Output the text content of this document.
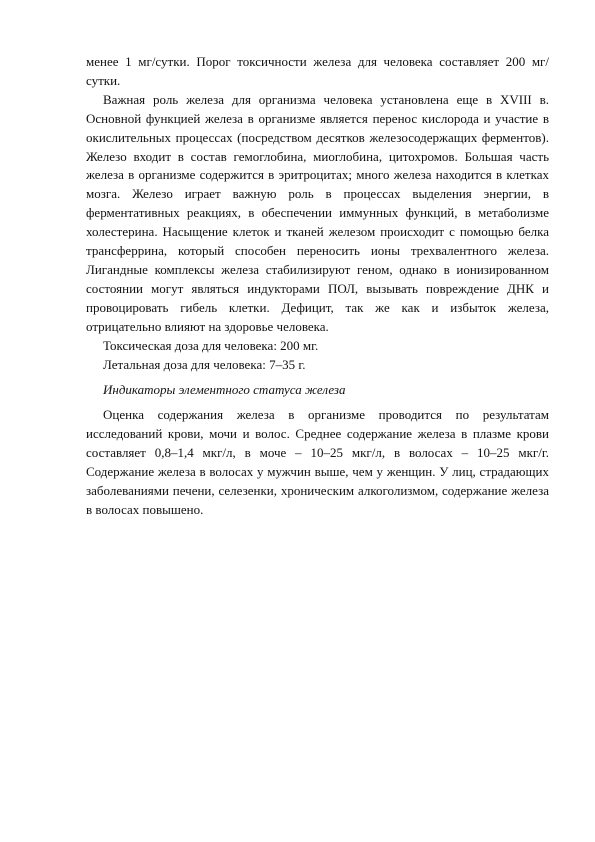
менее 1 мг/сутки. Порог токсичности железа для человека составляет 200 мг/сутки.

Важная роль железа для организма человека установлена еще в XVIII в. Основной функцией железа в организме является перенос кислорода и участие в окислительных процессах (посредством десятков железосодержащих ферментов). Железо входит в состав гемоглобина, миоглобина, цитохромов. Большая часть железа в организме содержится в эритроцитах; много железа находится в клетках мозга. Железо играет важную роль в процессах выделения энергии, в ферментативных реакциях, в обеспечении иммунных функций, в метаболизме холестерина. Насыщение клеток и тканей железом происходит с помощью белка трансферрина, который способен переносить ионы трехвалентного железа. Лигандные комплексы железа стабилизируют геном, однако в ионизированном состоянии могут являться индукторами ПОЛ, вызывать повреждение ДНК и провоцировать гибель клетки. Дефицит, так же как и избыток железа, отрицательно влияют на здоровье человека.

Токсическая доза для человека: 200 мг.

Летальная доза для человека: 7–35 г.

Индикаторы элементного статуса железа

Оценка содержания железа в организме проводится по результатам исследований крови, мочи и волос. Среднее содержание железа в плазме крови составляет 0,8–1,4 мкг/л, в моче – 10–25 мкг/л, в волосах – 10–25 мкг/г. Содержание железа в волосах у мужчин выше, чем у женщин. У лиц, страдающих заболеваниями печени, селезенки, хроническим алкоголизмом, содержание железа в волосах повышено.
